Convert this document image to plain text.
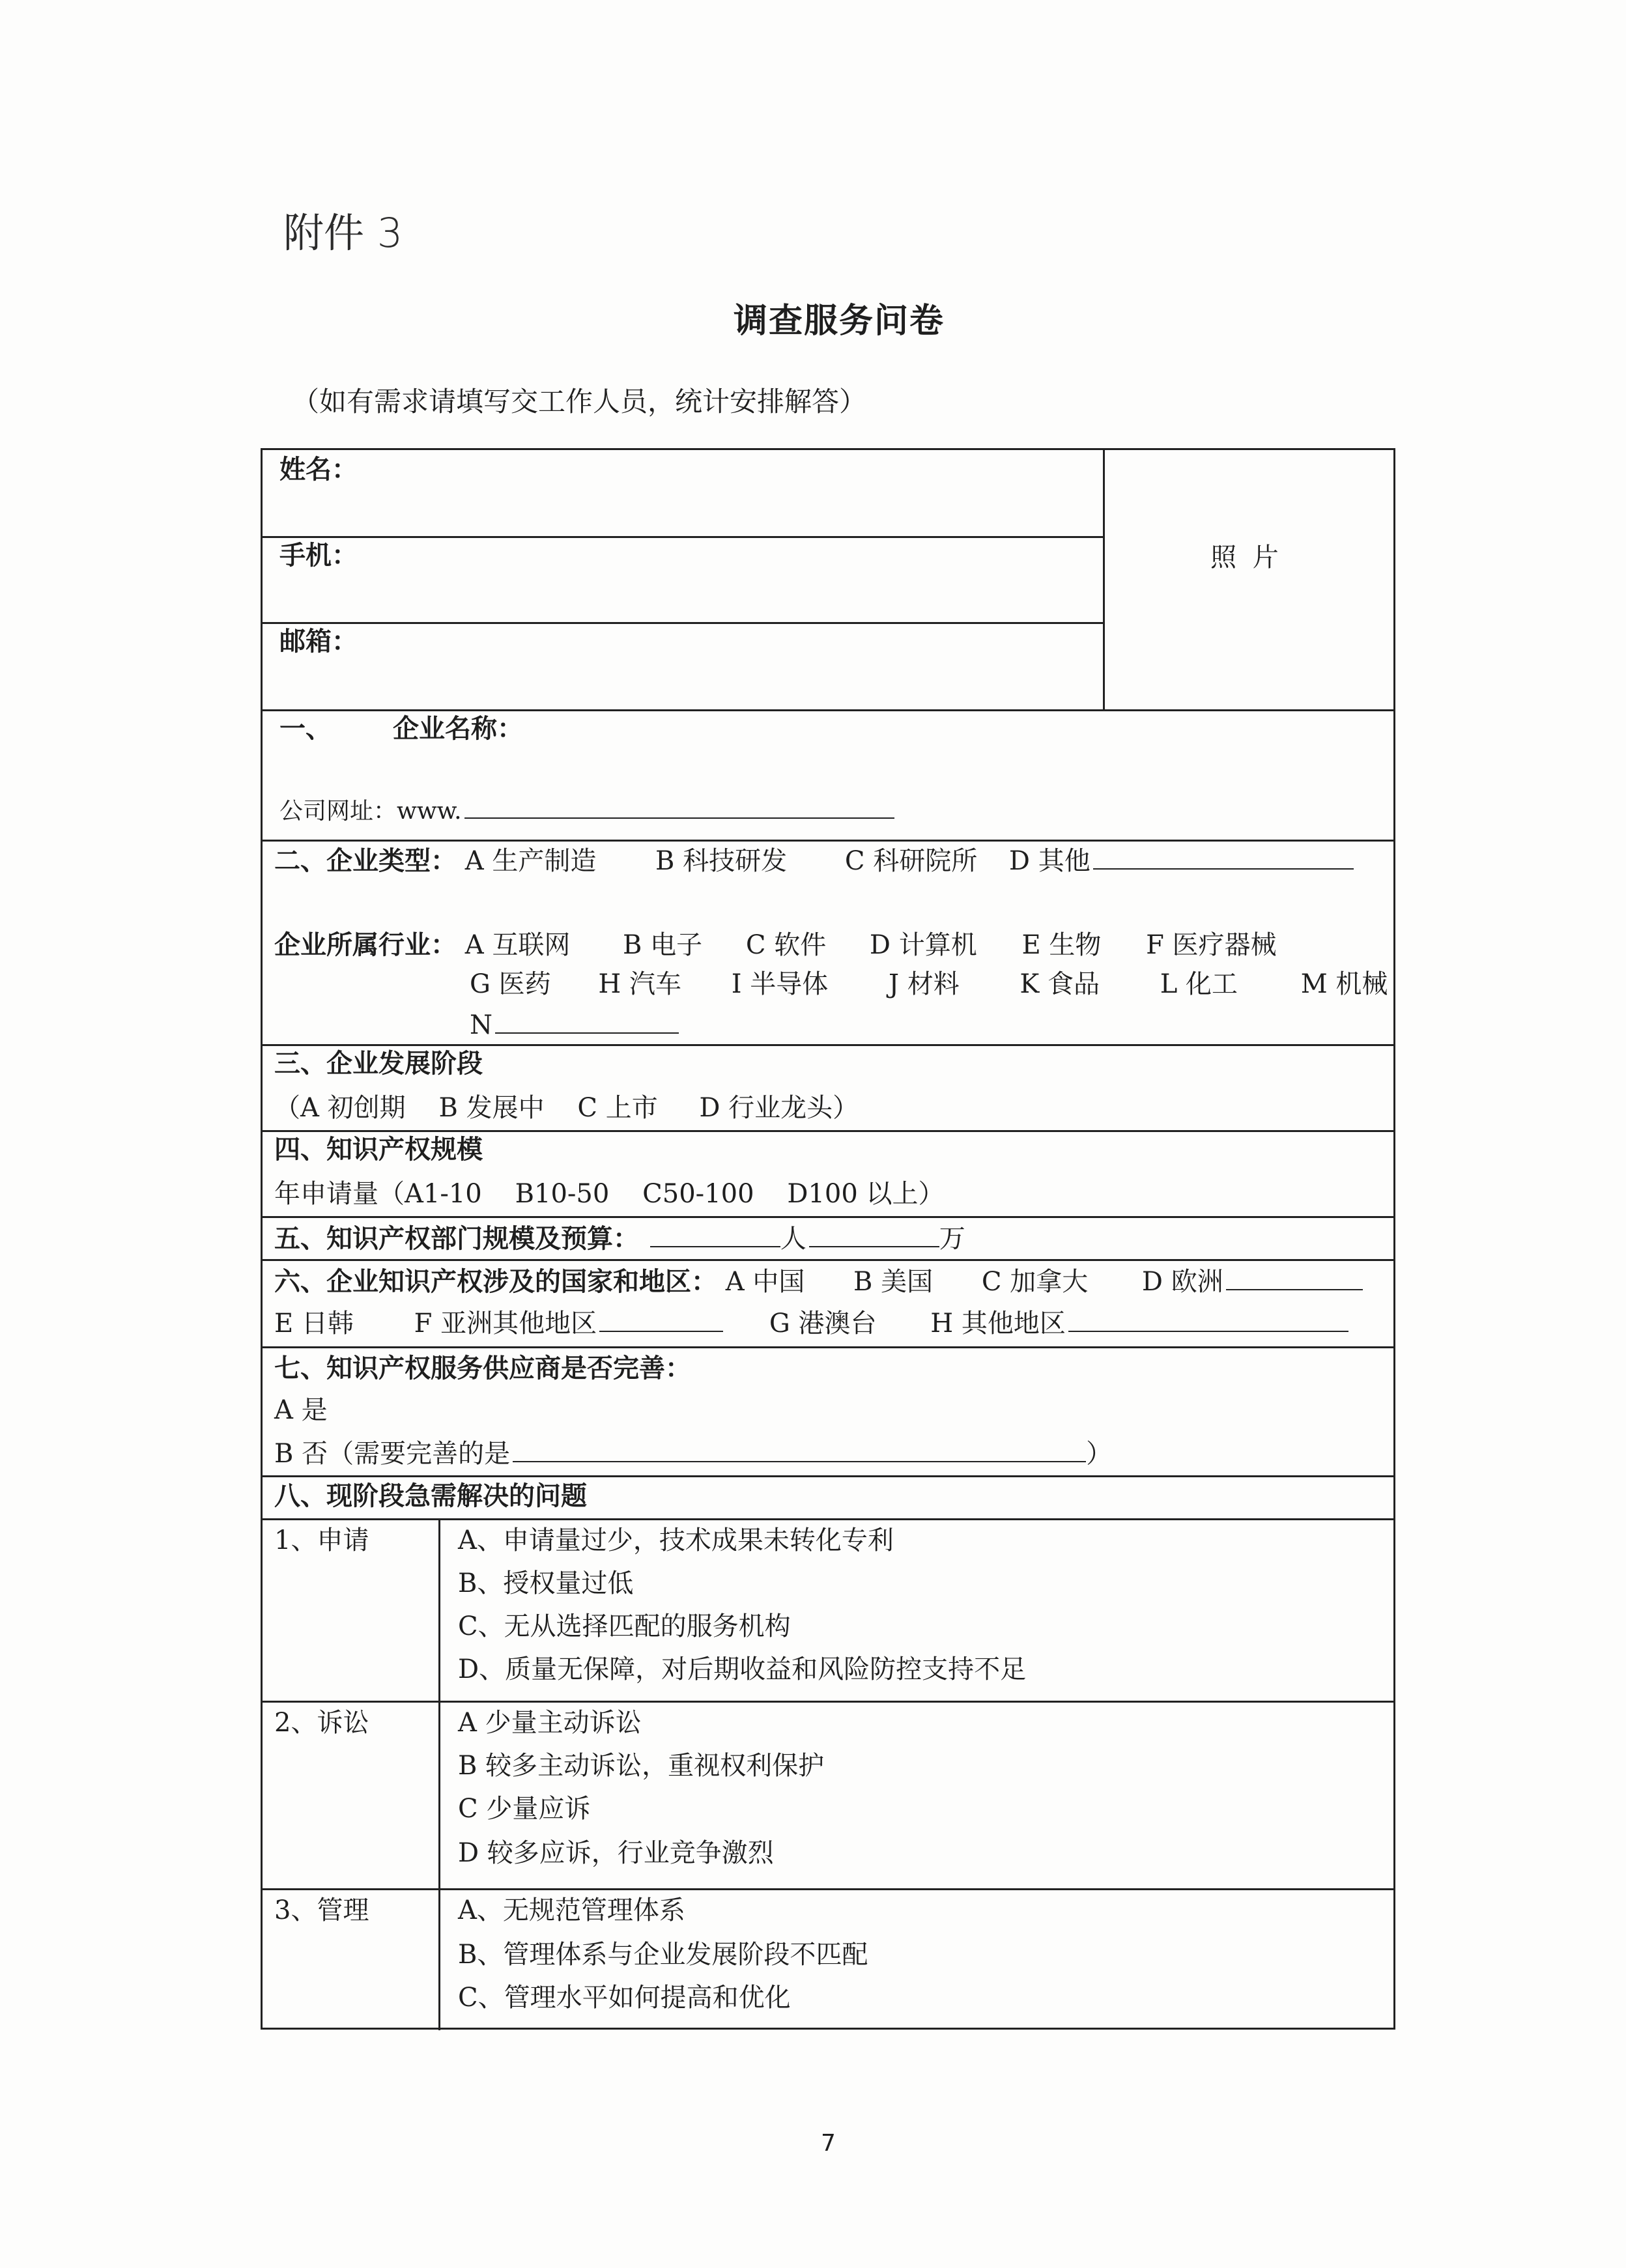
附件 3
调查服务问卷
（如有需求请填写交工作人员，统计安排解答）
姓名：
手机：
邮箱：
照 片
一、 企业名称：
公司网址：www.
二、企业类型： A 生产制造 B 科技研发 C 科研院所 D 其他
企业所属行业： A 互联网 B 电子 C 软件 D 计算机 E 生物 F 医疗器械
G 医药 H 汽车 I 半导体 J 材料 K 食品 L 化工 M 机械
N
三、企业发展阶段
（A 初创期    B 发展中    C 上市     D 行业龙头）
四、知识产权规模
年申请量（A1-10    B10-50    C50-100    D100 以上）
五、知识产权部门规模及预算：	人	万
六、企业知识产权涉及的国家和地区： A 中国 B 美国 C 加拿大 D 欧洲
E 日韩 F 亚洲其他地区	G 港澳台 H 其他地区
七、知识产权服务供应商是否完善：
A 是
B 否（需要完善的是	）
八、现阶段急需解决的问题
1、申请	A、申请量过少，技术成果未转化专利
B、授权量过低
C、无从选择匹配的服务机构
D、质量无保障，对后期收益和风险防控支持不足
2、诉讼	A 少量主动诉讼
B 较多主动诉讼，重视权利保护
C 少量应诉
D 较多应诉，行业竞争激烈
3、管理	A、无规范管理体系
B、管理体系与企业发展阶段不匹配
C、管理水平如何提高和优化
7
